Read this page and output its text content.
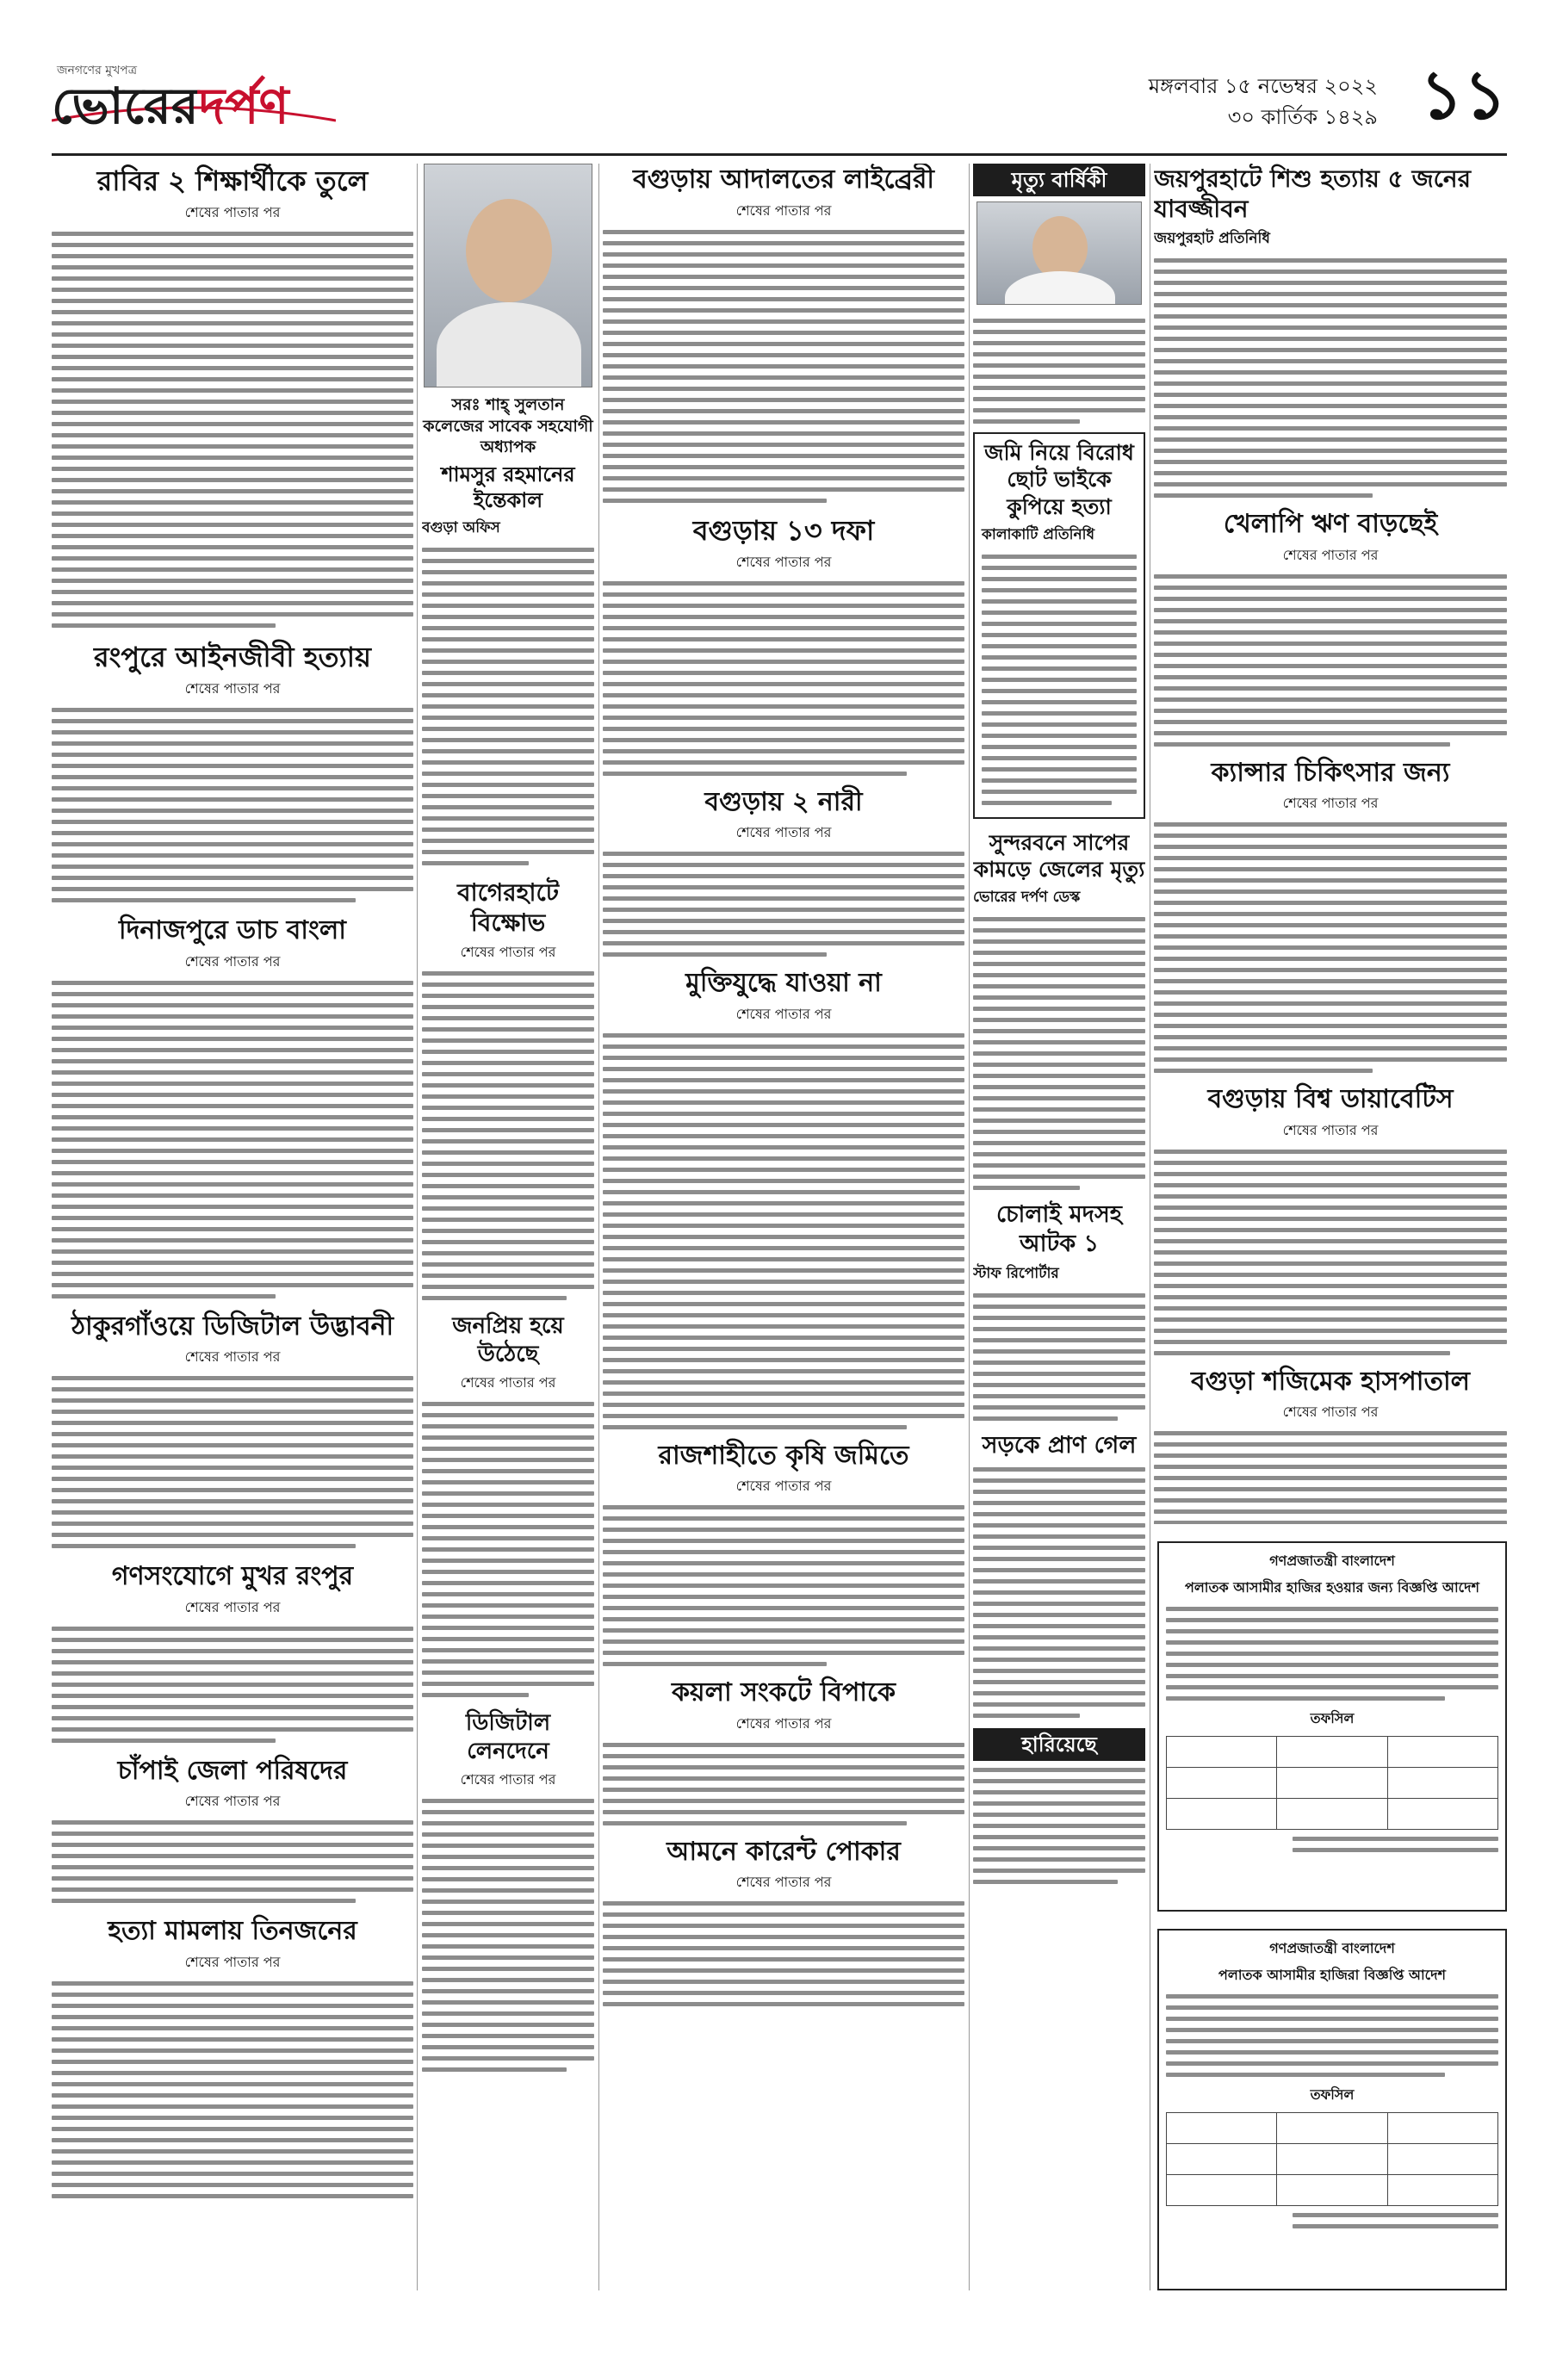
জনগণের মুখপত্র
ভোরেরদর্পণ	মঙ্গলবার ১৫ নভেম্বর ২০২২
৩০ কার্তিক ১৪২৯ ১১
রাবির ২ শিক্ষার্থীকে তুলে
শেষের পাতার পর
রংপুরে আইনজীবী হত্যায়
শেষের পাতার পর
দিনাজপুরে ডাচ বাংলা
শেষের পাতার পর
ঠাকুরগাঁওয়ে ডিজিটাল উদ্ভাবনী
শেষের পাতার পর
গণসংযোগে মুখর রংপুর
শেষের পাতার পর
চাঁপাই জেলা পরিষদের
শেষের পাতার পর
হত্যা মামলায় তিনজনের
শেষের পাতার পর
সরঃ শাহ্ সুলতান কলেজের সাবেক সহযোগী অধ্যাপক
শামসুর রহমানের ইন্তেকাল
বগুড়া অফিস
বাগেরহাটে বিক্ষোভ
শেষের পাতার পর
জনপ্রিয় হয়ে উঠেছে
শেষের পাতার পর
ডিজিটাল লেনদেনে
শেষের পাতার পর
বগুড়ায় আদালতের লাইব্রেরী
শেষের পাতার পর
বগুড়ায় ১৩ দফা
শেষের পাতার পর
বগুড়ায় ২ নারী
শেষের পাতার পর
মুক্তিযুদ্ধে যাওয়া না
শেষের পাতার পর
রাজশাহীতে কৃষি জমিতে
শেষের পাতার পর
কয়লা সংকটে বিপাকে
শেষের পাতার পর
আমনে কারেন্ট পোকার
শেষের পাতার পর
মৃত্যু বার্ষিকী
জমি নিয়ে বিরোধ ছোট ভাইকে কুপিয়ে হত্যা
কালাকাটি প্রতিনিধি
সুন্দরবনে সাপের কামড়ে জেলের মৃত্যু
ভোরের দর্পণ ডেস্ক
চোলাই মদসহ আটক ১
স্টাফ রিপোর্টার
সড়কে প্রাণ গেল
হারিয়েছে
জয়পুরহাটে শিশু হত্যায় ৫ জনের যাবজ্জীবন
জয়পুরহাট প্রতিনিধি
খেলাপি ঋণ বাড়ছেই
শেষের পাতার পর
ক্যান্সার চিকিৎসার জন্য
শেষের পাতার পর
বগুড়ায় বিশ্ব ডায়াবেটিস
শেষের পাতার পর
বগুড়া শজিমেক হাসপাতাল
শেষের পাতার পর
গণপ্রজাতন্ত্রী বাংলাদেশ
পলাতক আসামীর হাজির হওয়ার জন্য বিজ্ঞপ্তি আদেশ
তফসিল

গণপ্রজাতন্ত্রী বাংলাদেশ
পলাতক আসামীর হাজিরা বিজ্ঞপ্তি আদেশ
তফসিল
